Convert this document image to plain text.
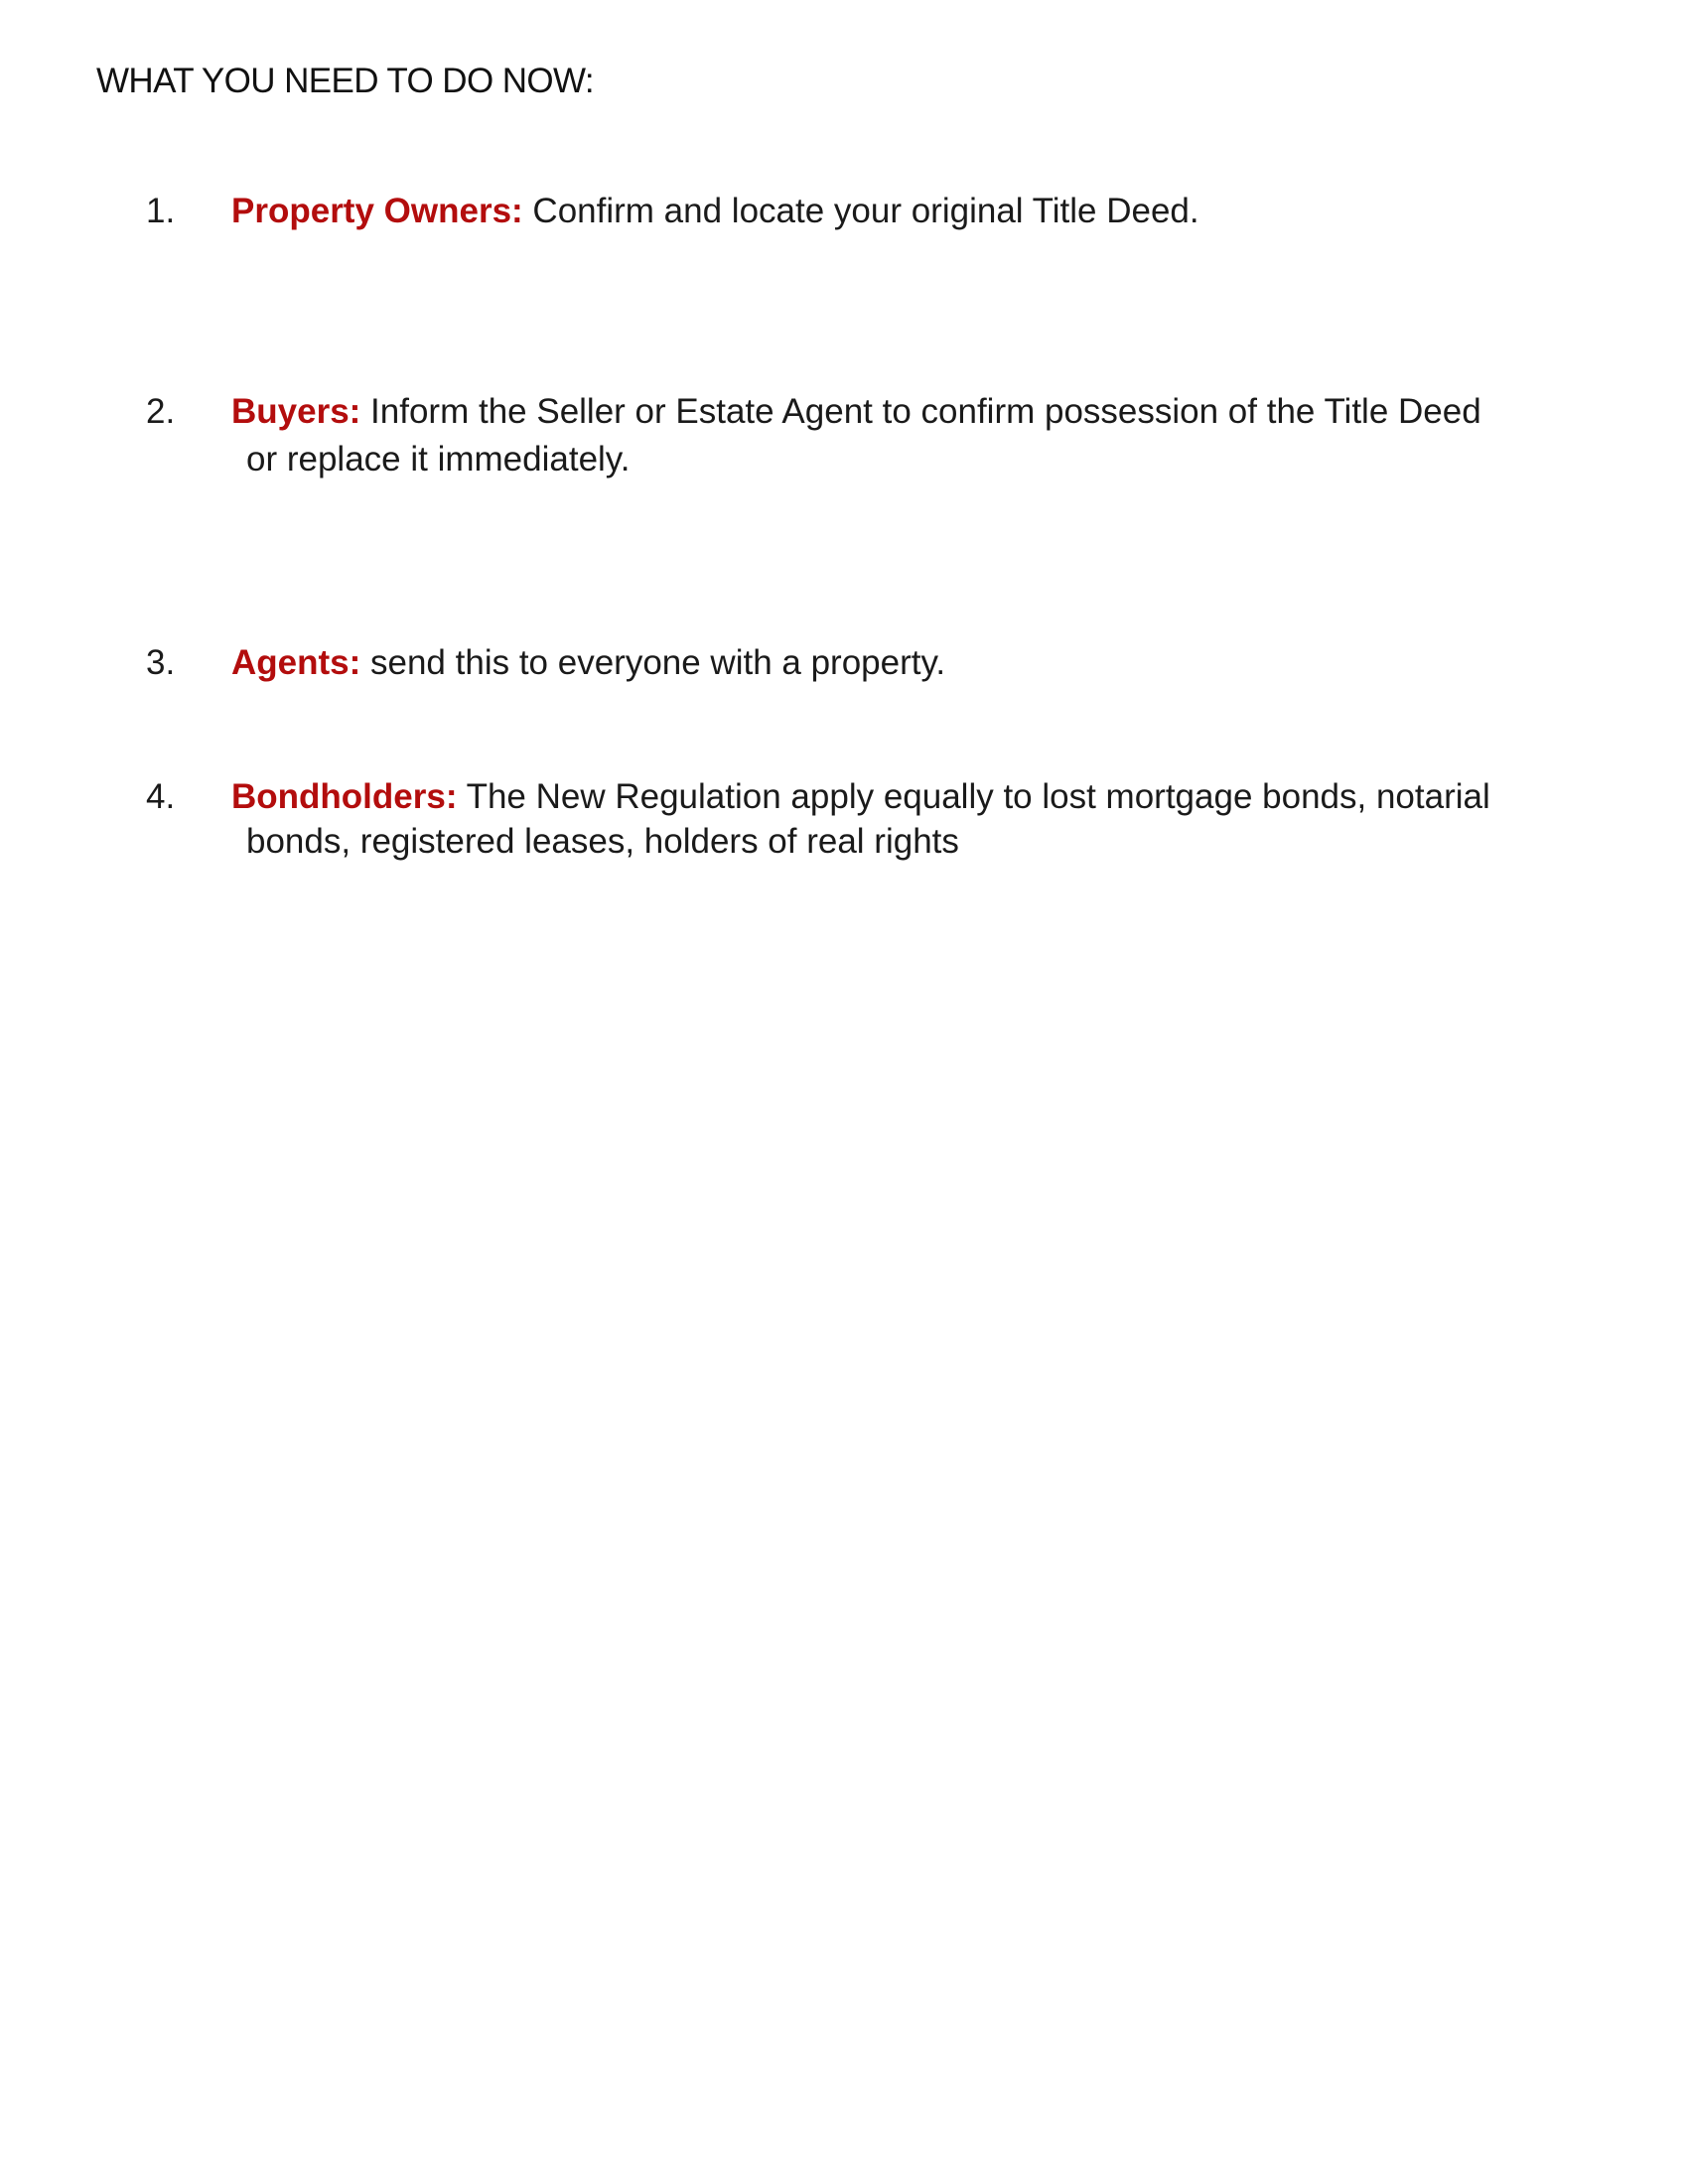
WHAT YOU NEED TO DO NOW:
1. Property Owners: Confirm and locate your original Title Deed.
2. Buyers: Inform the Seller or Estate Agent to confirm possession of the Title Deed
or replace it immediately.
3. Agents: send this to everyone with a property.
4. Bondholders: The New Regulation apply equally to lost mortgage bonds, notarial
bonds, registered leases, holders of real rights
